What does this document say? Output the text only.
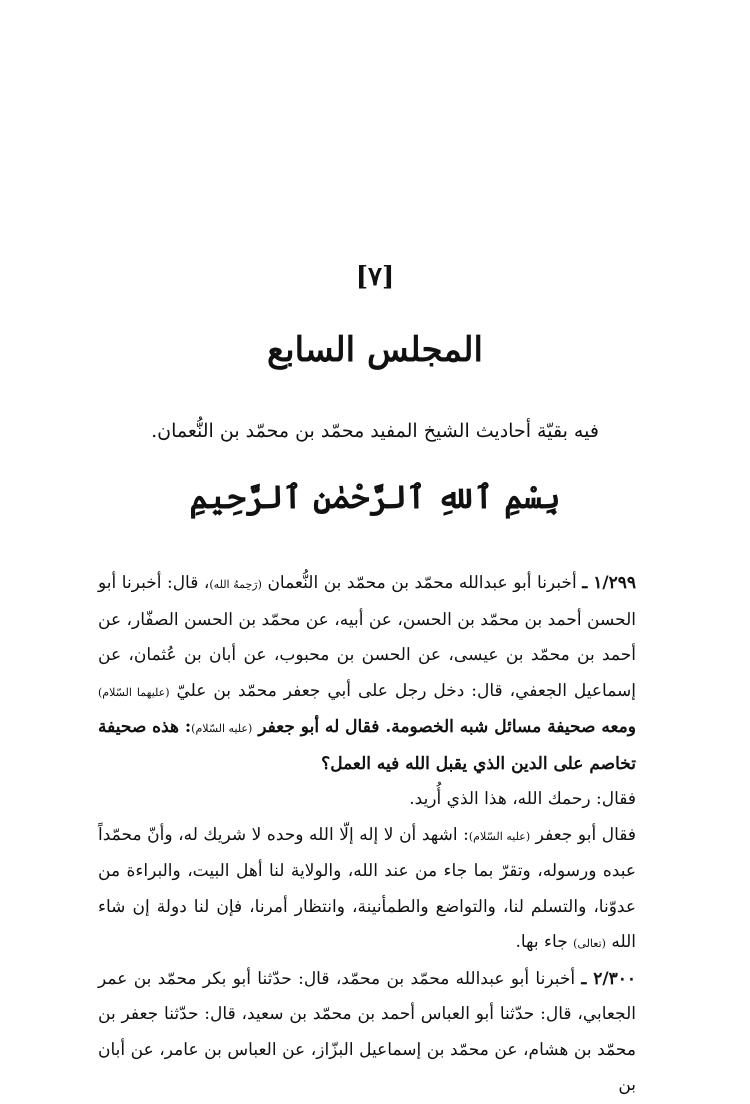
[٧]
المجلس السابع
فيه بقيّة أحاديث الشيخ المفيد محمّد بن محمّد بن النُّعمان.
بِسْمِ ٱللهِ ٱلرَّحْمٰنِ ٱلرَّحِيمِ

١/٢٩٩ ـ أخبرنا أبو عبدالله محمّد بن محمّد بن النُّعمان (رَحِمهُ الله)، قال: أخبرنا أبو الحسن أحمد بن محمّد بن الحسن، عن أبيه، عن محمّد بن الحسن الصفّار، عن أحمد بن محمّد بن عيسى، عن الحسن بن محبوب، عن أبان بن عُثمان، عن إسماعيل الجعفي، قال: دخل رجل على أبي جعفر محمّد بن عليّ (عليهما السّلام) ومعه صحيفة مسائل شبه الخصومة. فقال له أبو جعفر (عليه السّلام): هذه صحيفة تخاصم على الدين الذي يقبل الله فيه العمل؟

فقال: رحمك الله، هذا الذي أُريد.

فقال أبو جعفر (عليه السّلام): اشهد أن لا إله إلّا الله وحده لا شريك له، وأنّ محمّداً عبده ورسوله، وتقرّ بما جاء من عند الله، والولاية لنا أهل البيت، والبراءة من عدوّنا، والتسلم لنا، والتواضع والطمأنينة، وانتظار أمرنا، فإن لنا دولة إن شاء الله (تعالى) جاء بها.

٢/٣٠٠ ـ أخبرنا أبو عبدالله محمّد بن محمّد، قال: حدّثنا أبو بكر محمّد بن عمر الجعابي، قال: حدّثنا أبو العباس أحمد بن محمّد بن سعيد، قال: حدّثنا جعفر بن محمّد بن هشام، عن محمّد بن إسماعيل البزّاز، عن العباس بن عامر، عن أبان بن
